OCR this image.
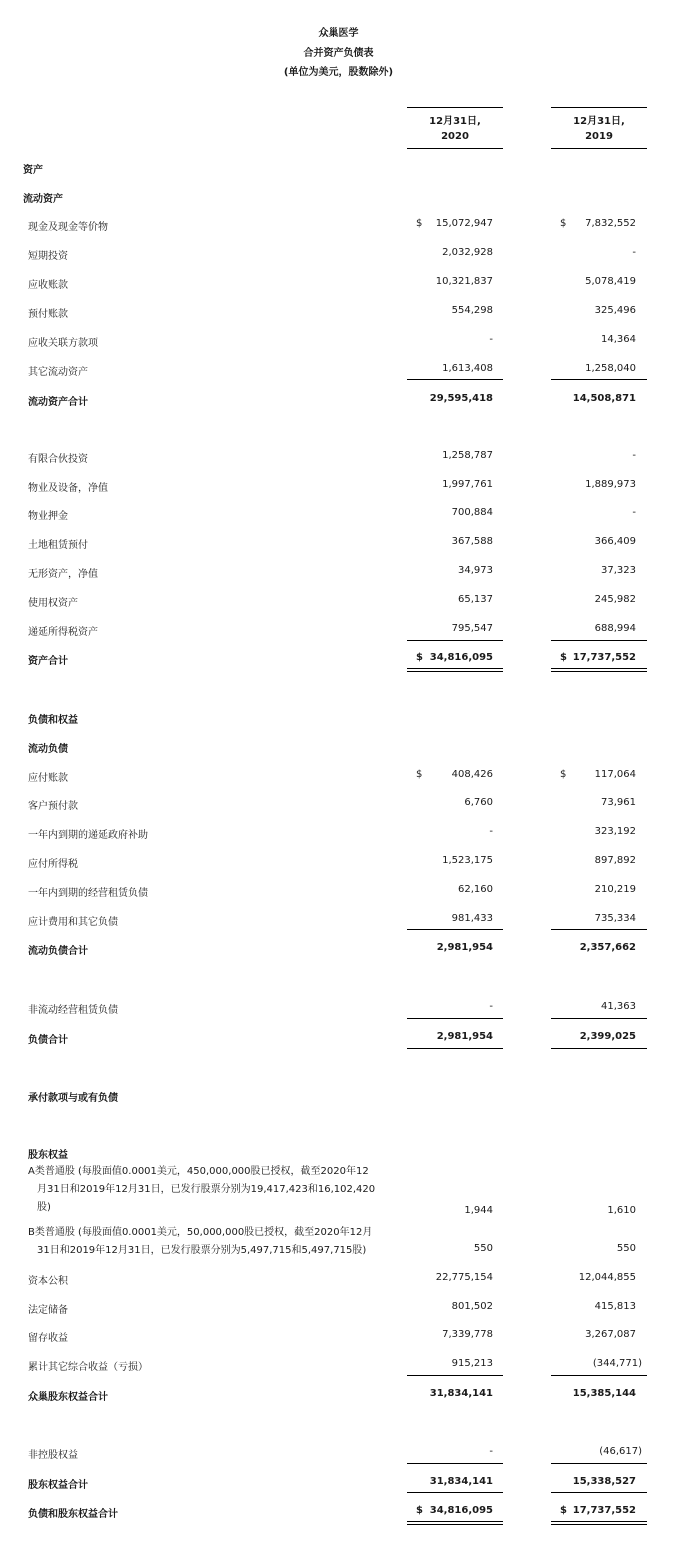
众巢医学
合并资产负债表
(单位为美元，股数除外)
12月31日,	12月31日,
2020	2019
资产
流动资产
现金及现金等价物	$	15,072,947	$	7,832,552
短期投资	2,032,928	-
应收账款	10,321,837	5,078,419
预付账款	554,298	325,496
应收关联方款项	-	14,364
其它流动资产	1,613,408	1,258,040
流动资产合计	29,595,418	14,508,871
有限合伙投资	1,258,787	-
物业及设备，净值	1,997,761	1,889,973
物业押金	700,884	-
土地租赁预付	367,588	366,409
无形资产，净值	34,973	37,323
使用权资产	65,137	245,982
递延所得税资产	795,547	688,994
资产合计	$ 34,816,095	$ 17,737,552
负债和权益
流动负债
应付账款	$	408,426	$	117,064
客户预付款	6,760	73,961
一年内到期的递延政府补助	-	323,192
应付所得税	1,523,175	897,892
一年内到期的经营租赁负债	62,160	210,219
应计费用和其它负债	981,433	735,334
流动负债合计	2,981,954	2,357,662
非流动经营租赁负债	-	41,363
负债合计	2,981,954	2,399,025
承付款项与或有负债
股东权益
A类普通股 (每股面值0.0001美元，450,000,000股已授权，截至2020年12
月31日和2019年12月31日，已发行股票分别为19,417,423和16,102,420
股)	1,944	1,610
B类普通股 (每股面值0.0001美元，50,000,000股已授权，截至2020年12月
31日和2019年12月31日，已发行股票分别为5,497,715和5,497,715股)	550	550
资本公积	22,775,154	12,044,855
法定储备	801,502	415,813
留存收益	7,339,778	3,267,087
累计其它综合收益（亏损）	915,213	(344,771)
众巢股东权益合计	31,834,141	15,385,144
非控股权益	-	(46,617)
股东权益合计	31,834,141	15,338,527
负债和股东权益合计	$ 34,816,095	$ 17,737,552
